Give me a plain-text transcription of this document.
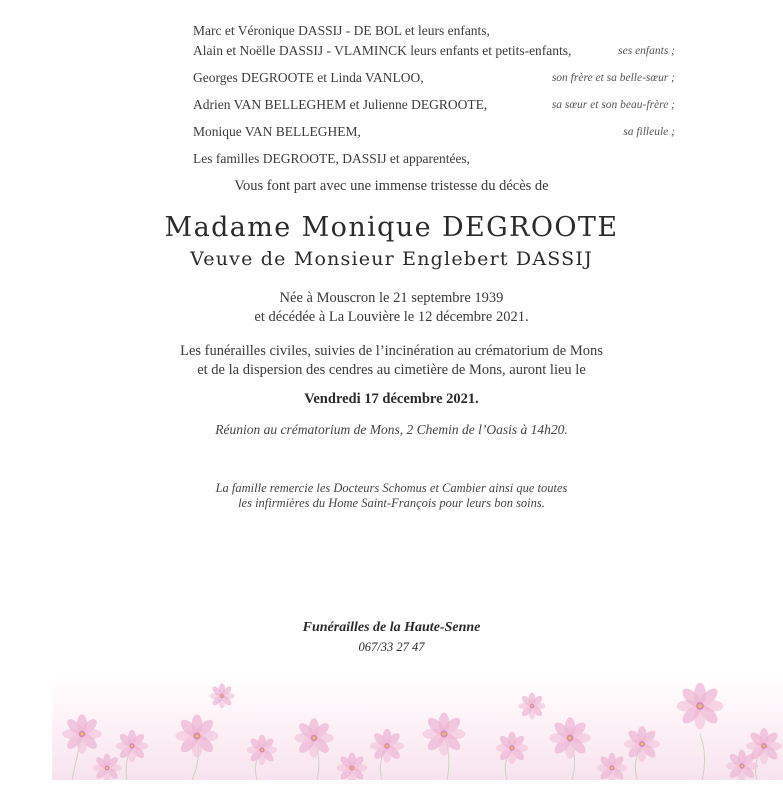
Marc et Véronique DASSIJ - DE BOL et leurs enfants,
Alain et Noëlle DASSIJ - VLAMINCK leurs enfants et petits-enfants,	ses enfants ;
Georges DEGROOTE et Linda VANLOO,	son frère et sa belle-sœur ;
Adrien VAN BELLEGHEM et Julienne DEGROOTE,	sa sœur et son beau-frère ;
Monique VAN BELLEGHEM,	sa filleule ;
Les familles DEGROOTE, DASSIJ et apparentées,
Vous font part avec une immense tristesse du décès de
Madame Monique DEGROOTE
Veuve de Monsieur Englebert DASSIJ
Née à Mouscron le 21 septembre 1939
et décédée à La Louvière le 12 décembre 2021.
Les funérailles civiles, suivies de l’incinération au crématorium de Mons
et de la dispersion des cendres au cimetière de Mons, auront lieu le
Vendredi 17 décembre 2021.
Réunion au crématorium de Mons, 2 Chemin de l’Oasis à 14h20.
La famille remercie les Docteurs Schomus et Cambier ainsi que toutes
les infirmières du Home Saint-François pour leurs bon soins.
Funérailles de la Haute-Senne
067/33 27 47
